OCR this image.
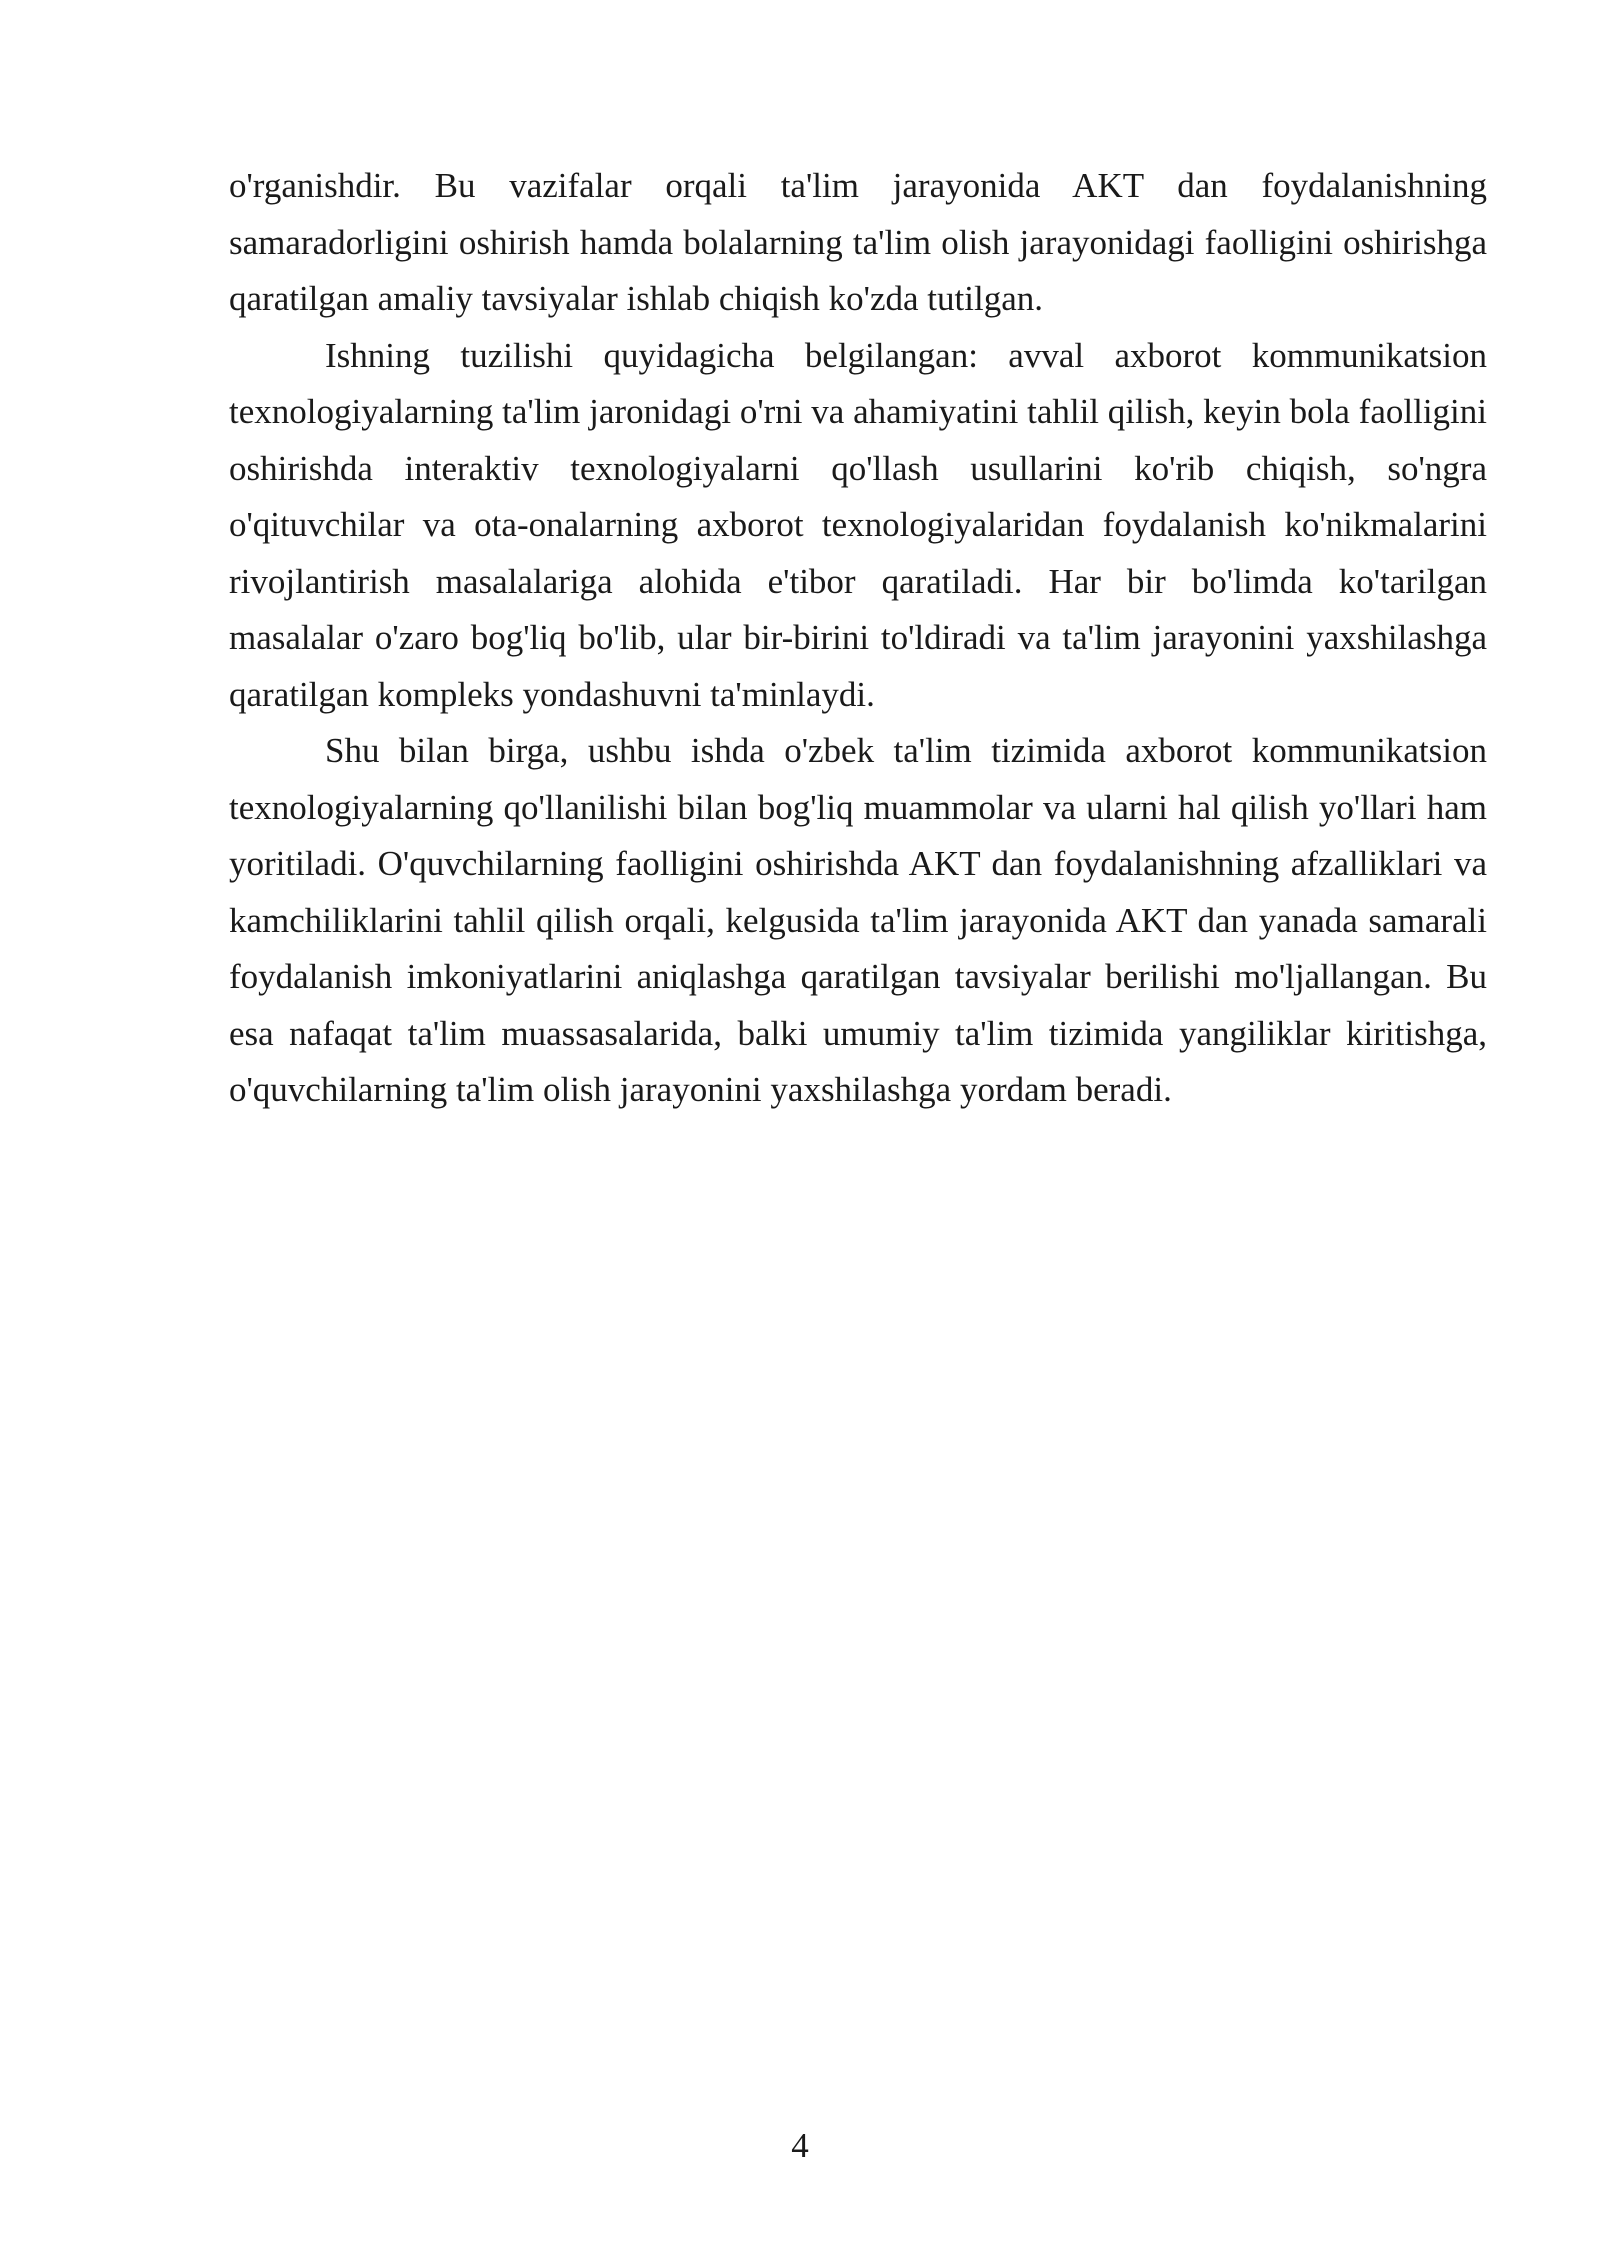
o'rganishdir. Bu vazifalar orqali ta'lim jarayonida AKT dan foydalanishning samaradorligini oshirish hamda bolalarning ta'lim olish jarayonidagi faolligini oshirishga qaratilgan amaliy tavsiyalar ishlab chiqish ko'zda tutilgan.

Ishning tuzilishi quyidagicha belgilangan: avval axborot kommunikatsion texnologiyalarning ta'lim jaronidagi o'rni va ahamiyatini tahlil qilish, keyin bola faolligini oshirishda interaktiv texnologiyalarni qo'llash usullarini ko'rib chiqish, so'ngra o'qituvchilar va ota-onalarning axborot texnologiyalaridan foydalanish ko'nikmalarini rivojlantirish masalalariga alohida e'tibor qaratiladi. Har bir bo'limda ko'tarilgan masalalar o'zaro bog'liq bo'lib, ular bir-birini to'ldiradi va ta'lim jarayonini yaxshilashga qaratilgan kompleks yondashuvni ta'minlaydi.

Shu bilan birga, ushbu ishda o'zbek ta'lim tizimida axborot kommunikatsion texnologiyalarning qo'llanilishi bilan bog'liq muammolar va ularni hal qilish yo'llari ham yoritiladi. O'quvchilarning faolligini oshirishda AKT dan foydalanishning afzalliklari va kamchiliklarini tahlil qilish orqali, kelgusida ta'lim jarayonida AKT dan yanada samarali foydalanish imkoniyatlarini aniqlashga qaratilgan tavsiyalar berilishi mo'ljallangan. Bu esa nafaqat ta'lim muassasalarida, balki umumiy ta'lim tizimida yangiliklar kiritishga, o'quvchilarning ta'lim olish jarayonini yaxshilashga yordam beradi.

4
